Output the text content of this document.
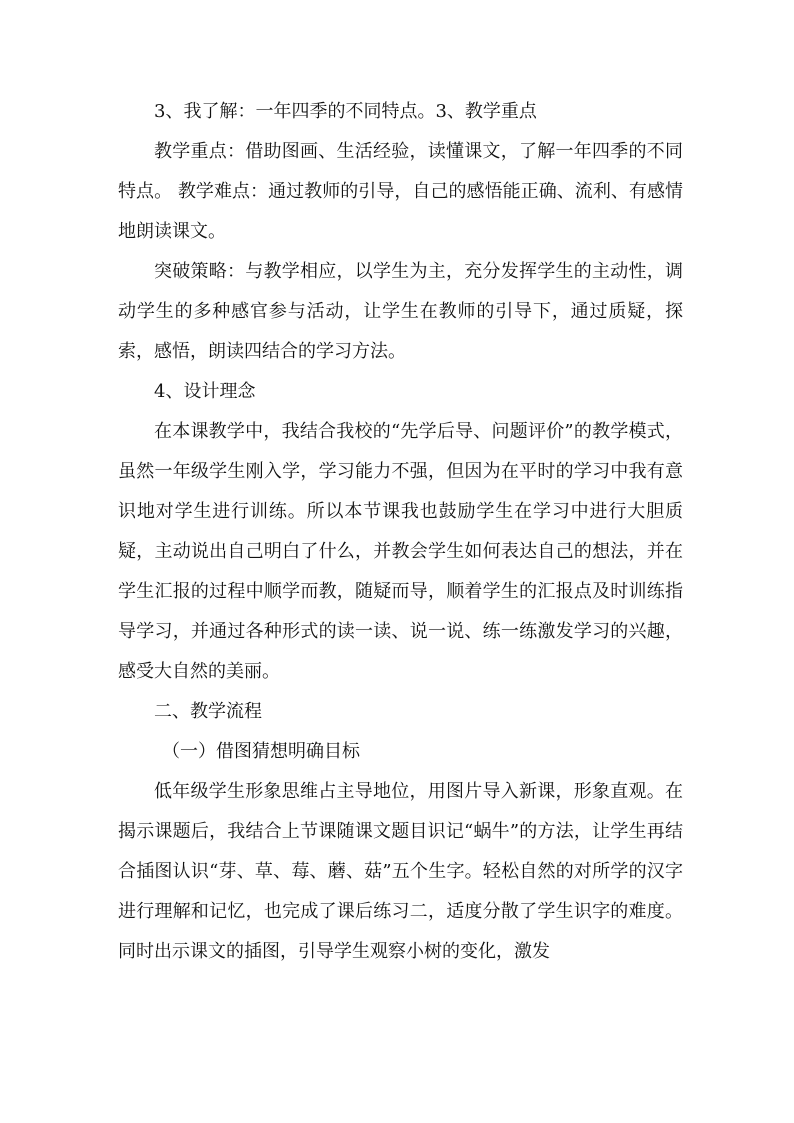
3、我了解：一年四季的不同特点。3、教学重点

教学重点：借助图画、生活经验，读懂课文，了解一年四季的不同特点。 教学难点：通过教师的引导，自己的感悟能正确、流利、有感情地朗读课文。

突破策略：与教学相应，以学生为主，充分发挥学生的主动性，调动学生的多种感官参与活动，让学生在教师的引导下，通过质疑，探索，感悟，朗读四结合的学习方法。

4、设计理念

在本课教学中，我结合我校的“先学后导、问题评价”的教学模式，虽然一年级学生刚入学，学习能力不强，但因为在平时的学习中我有意识地对学生进行训练。所以本节课我也鼓励学生在学习中进行大胆质疑，主动说出自己明白了什么，并教会学生如何表达自己的想法，并在学生汇报的过程中顺学而教，随疑而导，顺着学生的汇报点及时训练指导学习，并通过各种形式的读一读、说一说、练一练激发学习的兴趣，感受大自然的美丽。

二、教学流程

（一）借图猜想明确目标

低年级学生形象思维占主导地位，用图片导入新课，形象直观。在揭示课题后，我结合上节课随课文题目识记“蜗牛”的方法，让学生再结合插图认识“芽、草、莓、蘑、菇”五个生字。轻松自然的对所学的汉字进行理解和记忆，也完成了课后练习二，适度分散了学生识字的难度。同时出示课文的插图，引导学生观察小树的变化，激发
